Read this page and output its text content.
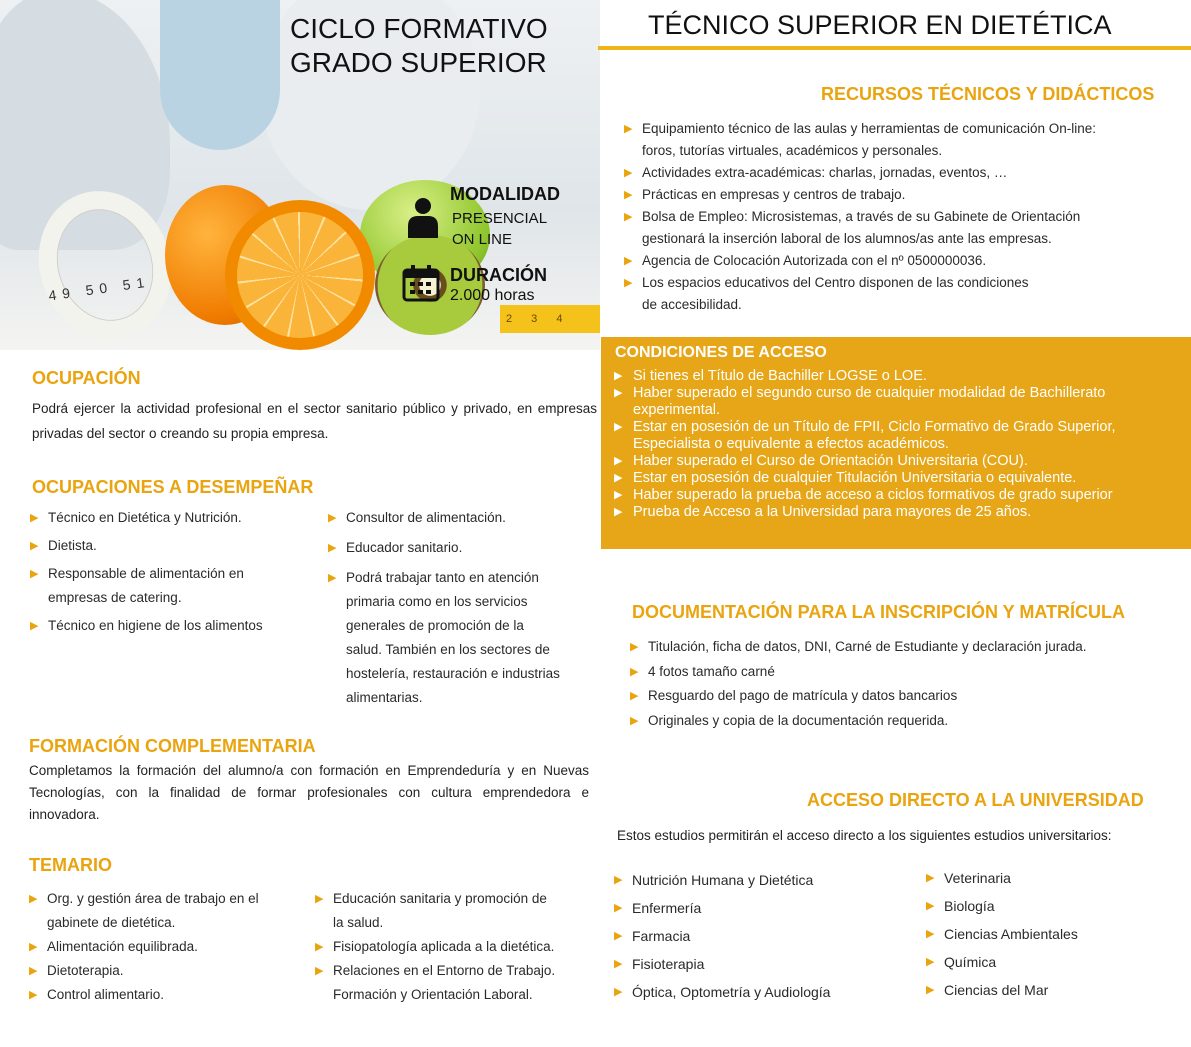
49 50 51
2 3 4
CICLO FORMATIVO
GRADO SUPERIOR
MODALIDAD
PRESENCIAL
ON LINE
DURACIÓN
2.000 horas
TÉCNICO SUPERIOR EN DIETÉTICA
RECURSOS TÉCNICOS Y DIDÁCTICOS
▶ Equipamiento técnico de las aulas y herramientas de comunicación On-line:
foros, tutorías virtuales, académicos y personales.
▶ Actividades extra-académicas: charlas, jornadas, eventos, …
▶ Prácticas en empresas y centros de trabajo.
▶ Bolsa de Empleo: Microsistemas, a través de su Gabinete de Orientación
gestionará la inserción laboral de los alumnos/as ante las empresas.
▶ Agencia de Colocación Autorizada con el nº 0500000036.
▶ Los espacios educativos del Centro disponen de las condiciones
de accesibilidad.
CONDICIONES DE ACCESO
▶ Si tienes el Título de Bachiller LOGSE o LOE.
▶ Haber superado el segundo curso de cualquier modalidad de Bachillerato
experimental.
▶ Estar en posesión de un Título de FPII, Ciclo Formativo de Grado Superior,
Especialista o equivalente a efectos académicos.
▶ Haber superado el Curso de Orientación Universitaria (COU).
▶ Estar en posesión de cualquier Titulación Universitaria o equivalente.
▶ Haber superado la prueba de acceso a ciclos formativos de grado superior
▶ Prueba de Acceso a la Universidad para mayores de 25 años.
OCUPACIÓN
Podrá ejercer la actividad profesional en el sector sanitario público y privado, en empresas privadas del sector o creando su propia empresa.
OCUPACIONES A DESEMPEÑAR
▶ Técnico en Dietética y Nutrición.
▶ Dietista.
▶ Responsable de alimentación en
empresas de catering.
▶ Técnico en higiene de los alimentos
▶ Consultor de alimentación.
▶ Educador sanitario.
▶ Podrá trabajar tanto en atención
primaria como en los servicios
generales de promoción de la
salud. También en los sectores de
hostelería, restauración e industrias
alimentarias.
FORMACIÓN COMPLEMENTARIA
Completamos la formación del alumno/a con formación en Emprendeduría y en Nuevas Tecnologías, con la finalidad de formar profesionales con cultura emprendedora e innovadora.
TEMARIO
▶ Org. y gestión área de trabajo en el
gabinete de dietética.
▶ Alimentación equilibrada.
▶ Dietoterapia.
▶ Control alimentario.
▶ Educación sanitaria y promoción de
la salud.
▶ Fisiopatología aplicada a la dietética.
▶ Relaciones en el Entorno de Trabajo.
Formación y Orientación Laboral.
DOCUMENTACIÓN PARA LA INSCRIPCIÓN Y MATRÍCULA
▶ Titulación, ficha de datos, DNI, Carné de Estudiante y declaración jurada.
▶ 4 fotos tamaño carné
▶ Resguardo del pago de matrícula y datos bancarios
▶ Originales y copia de la documentación requerida.
ACCESO DIRECTO A LA UNIVERSIDAD
Estos estudios permitirán el acceso directo a los siguientes estudios universitarios:
▶ Nutrición Humana y Dietética
▶ Enfermería
▶ Farmacia
▶ Fisioterapia
▶ Óptica, Optometría y Audiología
▶ Veterinaria
▶ Biología
▶ Ciencias Ambientales
▶ Química
▶ Ciencias del Mar
